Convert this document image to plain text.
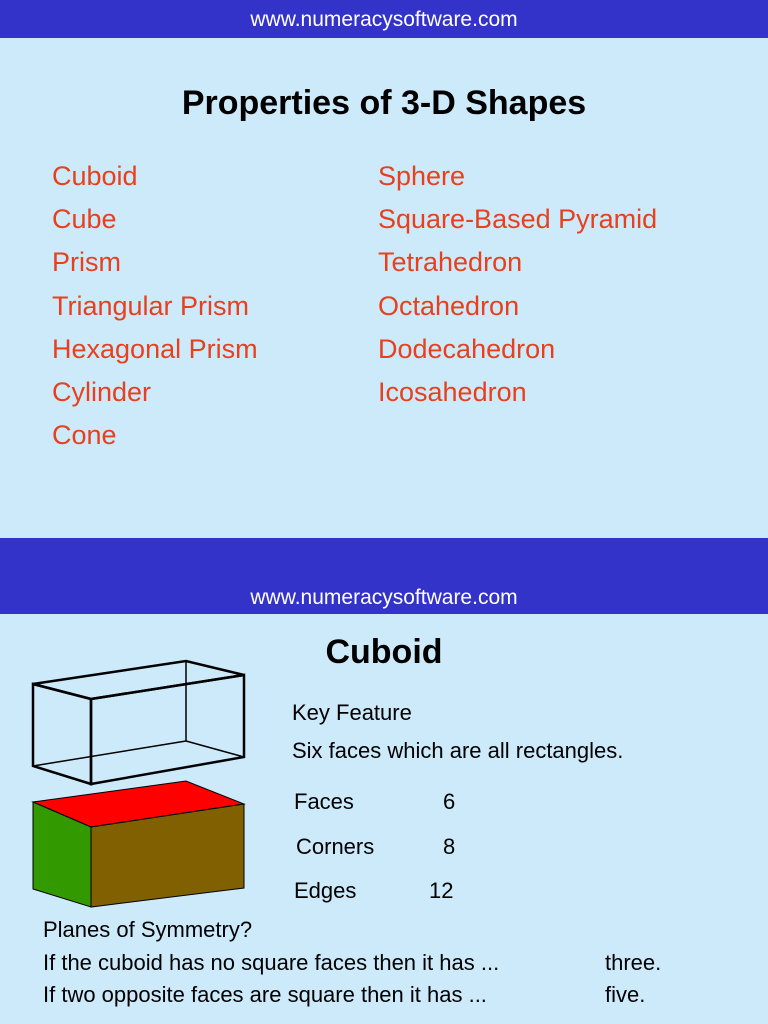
www.numeracysoftware.com
Properties of 3-D Shapes
Cuboid
Cube
Prism
Triangular Prism
Hexagonal Prism
Cylinder
Cone
Sphere
Square-Based Pyramid
Tetrahedron
Octahedron
Dodecahedron
Icosahedron
www.numeracysoftware.com
Cuboid
Key Feature
Six faces which are all rectangles.
Faces	6
Corners	8
Edges	12
Planes of Symmetry?
If the cuboid has no square faces then it has ...	three.
If two opposite faces are square then it has ...	five.
